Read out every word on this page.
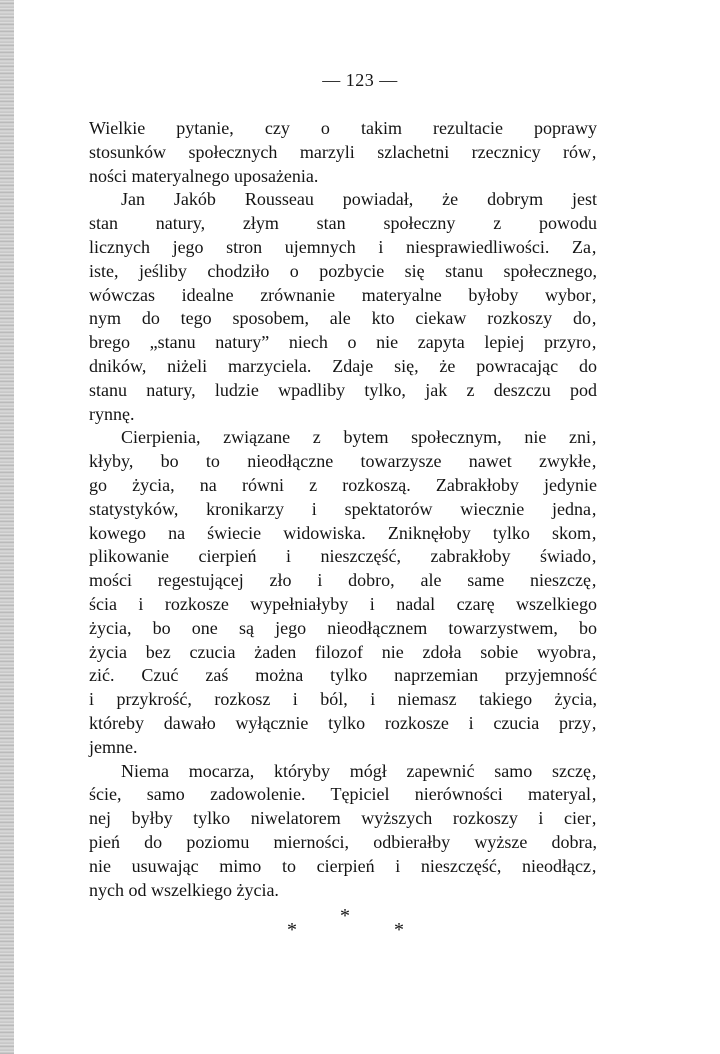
— 123 —
Wielkie pytanie, czy o takim rezultacie poprawy
stosunków społecznych marzyli szlachetni rzecznicy rów‚
ności materyalnego uposażenia.
Jan Jakób Rousseau powiadał, że dobrym jest
stan natury, złym stan społeczny z powodu
licznych jego stron ujemnych i niesprawiedliwości. Za‚
iste, jeśliby chodziło o pozbycie się stanu społecznego,
wówczas idealne zrównanie materyalne byłoby wybor‚
nym do tego sposobem, ale kto ciekaw rozkoszy do‚
brego „stanu natury” niech o nie zapyta lepiej przyro‚
dników, niżeli marzyciela. Zdaje się, że powracając do
stanu natury, ludzie wpadliby tylko, jak z deszczu pod
rynnę.
Cierpienia, związane z bytem społecznym, nie zni‚
kłyby, bo to nieodłączne towarzysze nawet zwykłe‚
go życia, na równi z rozkoszą. Zabrakłoby jedynie
statystyków, kronikarzy i spektatorów wiecznie jedna‚
kowego na świecie widowiska. Zniknęłoby tylko skom‚
plikowanie cierpień i nieszczęść, zabrakłoby świado‚
mości regestującej zło i dobro, ale same nieszczę‚
ścia i rozkosze wypełniałyby i nadal czarę wszelkiego
życia, bo one są jego nieodłącznem towarzystwem, bo
życia bez czucia żaden filozof nie zdoła sobie wyobra‚
zić. Czuć zaś można tylko naprzemian przyjemność
i przykrość, rozkosz i ból, i niemasz takiego życia,
któreby dawało wyłącznie tylko rozkosze i czucia przy‚
jemne.
Niema mocarza, któryby mógł zapewnić samo szczę‚
ście, samo zadowolenie. Tępiciel nierówności materyal‚
nej byłby tylko niwelatorem wyższych rozkoszy i cier‚
pień do poziomu mierności, odbierałby wyższe dobra,
nie usuwając mimo to cierpień i nieszczęść, nieodłącz‚
nych od wszelkiego życia.
*
*
*
